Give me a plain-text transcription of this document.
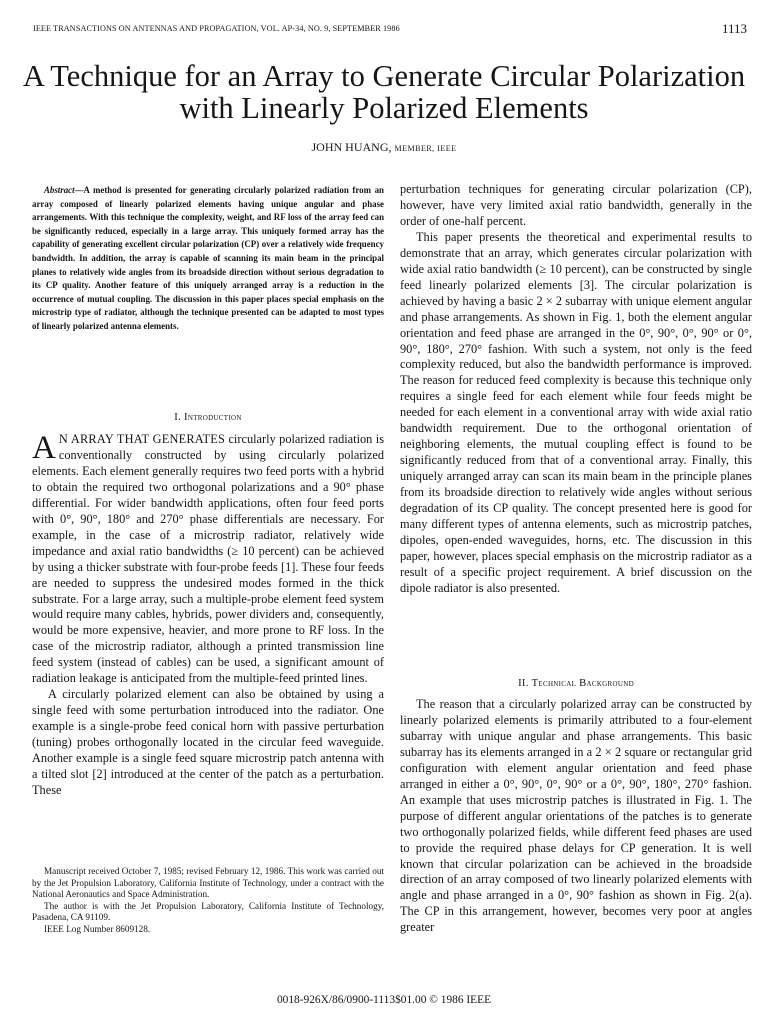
IEEE TRANSACTIONS ON ANTENNAS AND PROPAGATION, VOL. AP-34, NO. 9, SEPTEMBER 1986	1113
A Technique for an Array to Generate Circular Polarization with Linearly Polarized Elements
JOHN HUANG, MEMBER, IEEE
Abstract—A method is presented for generating circularly polarized radiation from an array composed of linearly polarized elements having unique angular and phase arrangements. With this technique the complexity, weight, and RF loss of the array feed can be significantly reduced, especially in a large array. This uniquely formed array has the capability of generating excellent circular polarization (CP) over a relatively wide frequency bandwidth. In addition, the array is capable of scanning its main beam in the principal planes to relatively wide angles from its broadside direction without serious degradation to its CP quality. Another feature of this uniquely arranged array is a reduction in the occurrence of mutual coupling. The discussion in this paper places special emphasis on the microstrip type of radiator, although the technique presented can be adapted to most types of linearly polarized antenna elements.
I. Introduction

A N ARRAY THAT GENERATES circularly polarized radiation is conventionally constructed by using circularly polarized elements. Each element generally requires two feed ports with a hybrid to obtain the required two orthogonal polarizations and a 90° phase differential. For wider bandwidth applications, often four feed ports with 0°, 90°, 180° and 270° phase differentials are necessary. For example, in the case of a microstrip radiator, relatively wide impedance and axial ratio bandwidths (≥ 10 percent) can be achieved by using a thicker substrate with four-probe feeds [1]. These four feeds are needed to suppress the undesired modes formed in the thick substrate. For a large array, such a multiple-probe element feed system would require many cables, hybrids, power dividers and, consequently, would be more expensive, heavier, and more prone to RF loss. In the case of the microstrip radiator, although a printed transmission line feed system (instead of cables) can be used, a significant amount of radiation leakage is anticipated from the multiple-feed printed lines.

A circularly polarized element can also be obtained by using a single feed with some perturbation introduced into the radiator. One example is a single-probe feed conical horn with passive perturbation (tuning) probes orthogonally located in the circular feed waveguide. Another example is a single feed square microstrip patch antenna with a tilted slot [2] introduced at the center of the patch as a perturbation. These

Manuscript received October 7, 1985; revised February 12, 1986. This work was carried out by the Jet Propulsion Laboratory, California Institute of Technology, under a contract with the National Aeronautics and Space Administration.

The author is with the Jet Propulsion Laboratory, California Institute of Technology, Pasadena, CA 91109.

IEEE Log Number 8609128.

perturbation techniques for generating circular polarization (CP), however, have very limited axial ratio bandwidth, generally in the order of one-half percent.

This paper presents the theoretical and experimental results to demonstrate that an array, which generates circular polarization with wide axial ratio bandwidth (≥ 10 percent), can be constructed by single feed linearly polarized elements [3]. The circular polarization is achieved by having a basic 2 × 2 subarray with unique element angular and phase arrangements. As shown in Fig. 1, both the element angular orientation and feed phase are arranged in the 0°, 90°, 0°, 90° or 0°, 90°, 180°, 270° fashion. With such a system, not only is the feed complexity reduced, but also the bandwidth performance is improved. The reason for reduced feed complexity is because this technique only requires a single feed for each element while four feeds might be needed for each element in a conventional array with wide axial ratio bandwidth requirement. Due to the orthogonal orientation of neighboring elements, the mutual coupling effect is found to be significantly reduced from that of a conventional array. Finally, this uniquely arranged array can scan its main beam in the principle planes from its broadside direction to relatively wide angles without serious degradation of its CP quality. The concept presented here is good for many different types of antenna elements, such as microstrip patches, dipoles, open-ended waveguides, horns, etc. The discussion in this paper, however, places special emphasis on the microstrip radiator as a result of a specific project requirement. A brief discussion on the dipole radiator is also presented.

II. Technical Background

The reason that a circularly polarized array can be constructed by linearly polarized elements is primarily attributed to a four-element subarray with unique angular and phase arrangements. This basic subarray has its elements arranged in a 2 × 2 square or rectangular grid configuration with element angular orientation and feed phase arranged in either a 0°, 90°, 0°, 90° or a 0°, 90°, 180°, 270° fashion. An example that uses microstrip patches is illustrated in Fig. 1. The purpose of different angular orientations of the patches is to generate two orthogonally polarized fields, while different feed phases are used to provide the required phase delays for CP generation. It is well known that circular polarization can be achieved in the broadside direction of an array composed of two linearly polarized elements with angle and phase arranged in a 0°, 90° fashion as shown in Fig. 2(a). The CP in this arrangement, however, becomes very poor at angles greater

0018-926X/86/0900-1113$01.00 © 1986 IEEE
